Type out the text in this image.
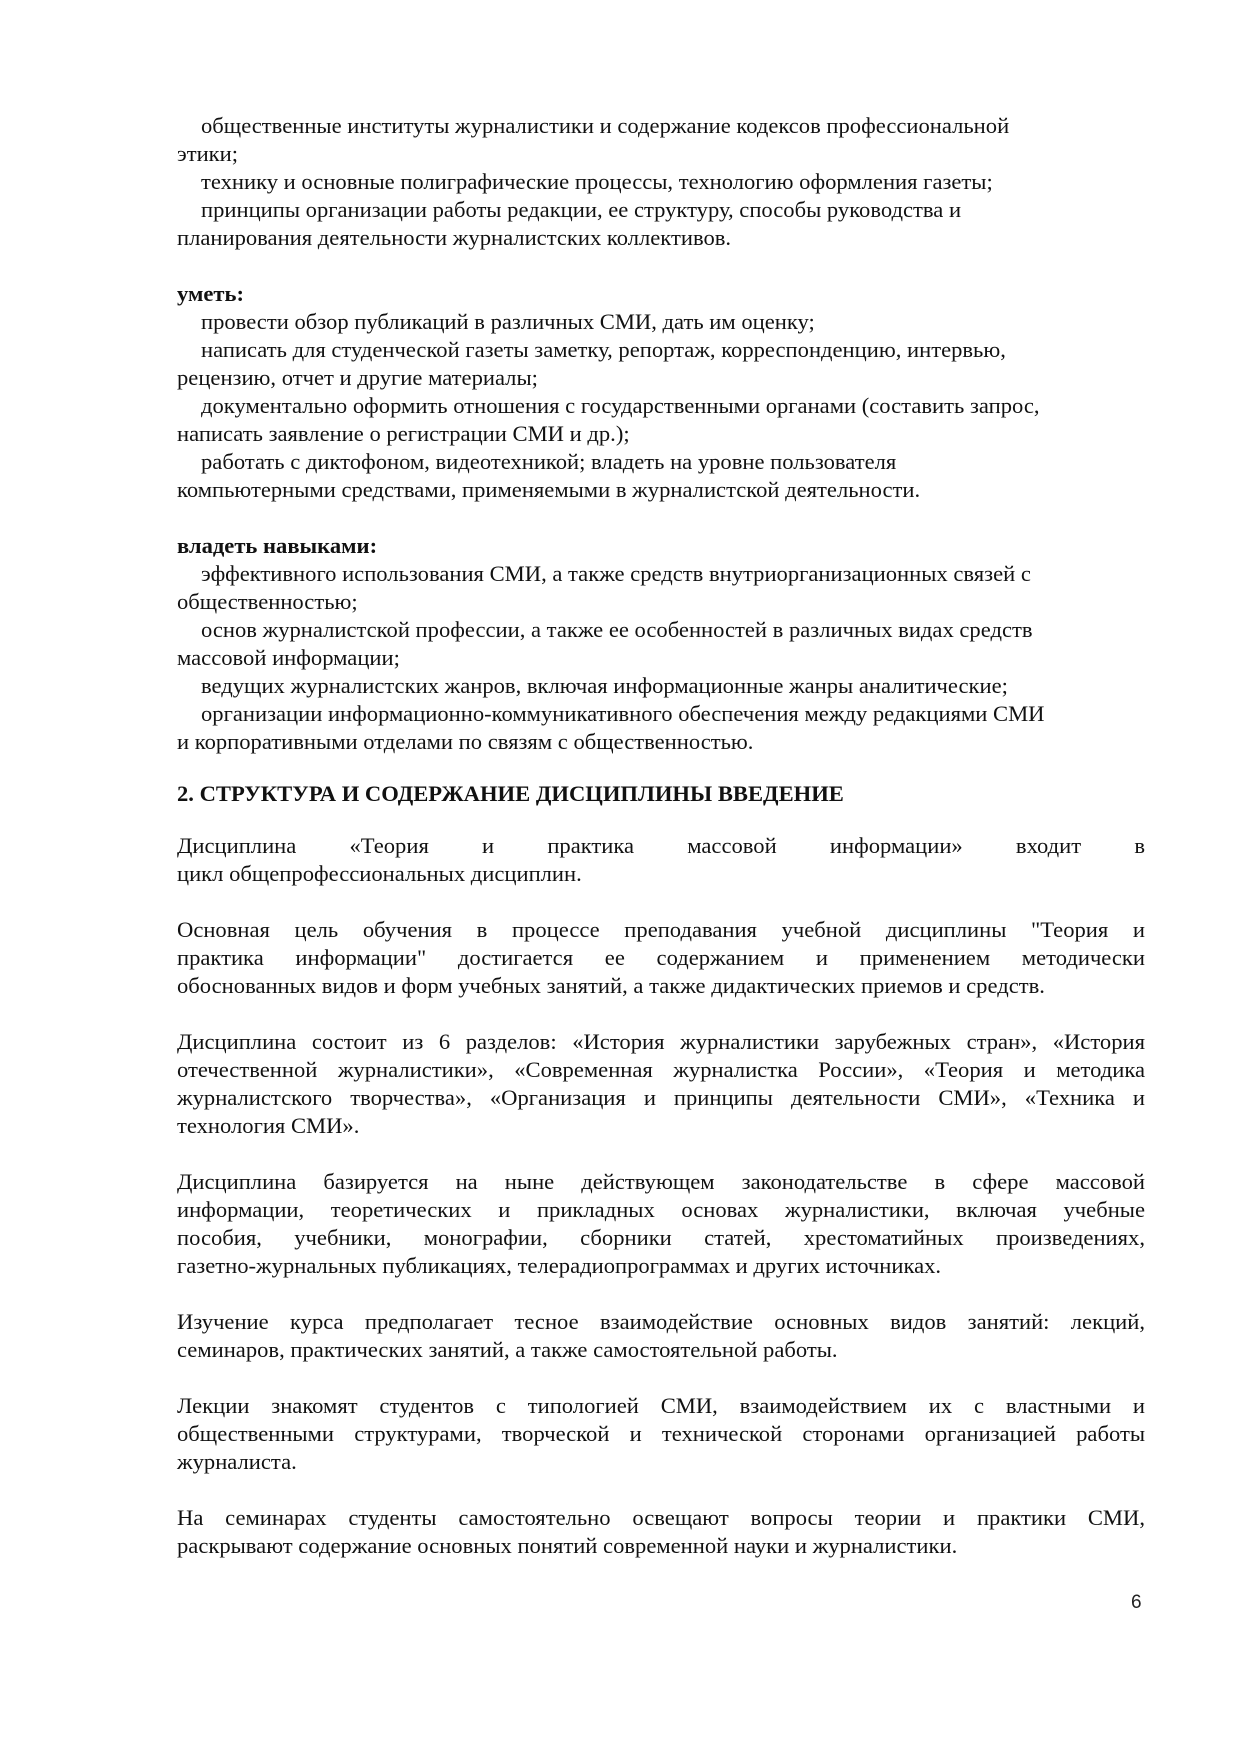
общественные институты журналистики и содержание кодексов профессиональной
этики;
технику и основные полиграфические процессы, технологию оформления газеты;
принципы организации работы редакции, ее структуру, способы руководства и
планирования деятельности журналистских коллективов.
уметь:
провести обзор публикаций в различных СМИ, дать им оценку;
написать для студенческой газеты заметку, репортаж, корреспонденцию, интервью,
рецензию, отчет и другие материалы;
документально оформить отношения с государственными органами (составить запрос,
написать заявление о регистрации СМИ и др.);
работать с диктофоном, видеотехникой; владеть на уровне пользователя
компьютерными средствами, применяемыми в журналистской деятельности.
владеть навыками:
эффективного использования СМИ, а также средств внутриорганизационных связей с
общественностью;
основ журналистской профессии, а также ее особенностей в различных видах средств
массовой информации;
ведущих журналистских жанров, включая информационные жанры аналитические;
организации информационно-коммуникативного обеспечения между редакциями СМИ
и корпоративными отделами по связям с общественностью.
2. СТРУКТУРА И СОДЕРЖАНИЕ ДИСЦИПЛИНЫ ВВЕДЕНИЕ
Дисциплина «Теория и практика массовой информации» входит в
цикл общепрофессиональных дисциплин.
Основная цель обучения в процессе преподавания учебной дисциплины "Теория и
практика информации" достигается ее содержанием и применением методически
обоснованных видов и форм учебных занятий, а также дидактических приемов и средств.
Дисциплина состоит из 6 разделов: «История журналистики зарубежных стран», «История
отечественной журналистики», «Современная журналистка России», «Теория и методика
журналистского творчества», «Организация и принципы деятельности СМИ», «Техника и
технология СМИ».
Дисциплина базируется на ныне действующем законодательстве в сфере массовой
информации, теоретических и прикладных основах журналистики, включая учебные
пособия, учебники, монографии, сборники статей, хрестоматийных произведениях,
газетно-журнальных публикациях, телерадиопрограммах и других источниках.
Изучение курса предполагает тесное взаимодействие основных видов занятий: лекций,
семинаров, практических занятий, а также самостоятельной работы.
Лекции знакомят студентов с типологией СМИ, взаимодействием их с властными и
общественными структурами, творческой и технической сторонами организацией работы
журналиста.
На семинарах студенты самостоятельно освещают вопросы теории и практики СМИ,
раскрывают содержание основных понятий современной науки и журналистики.
6
